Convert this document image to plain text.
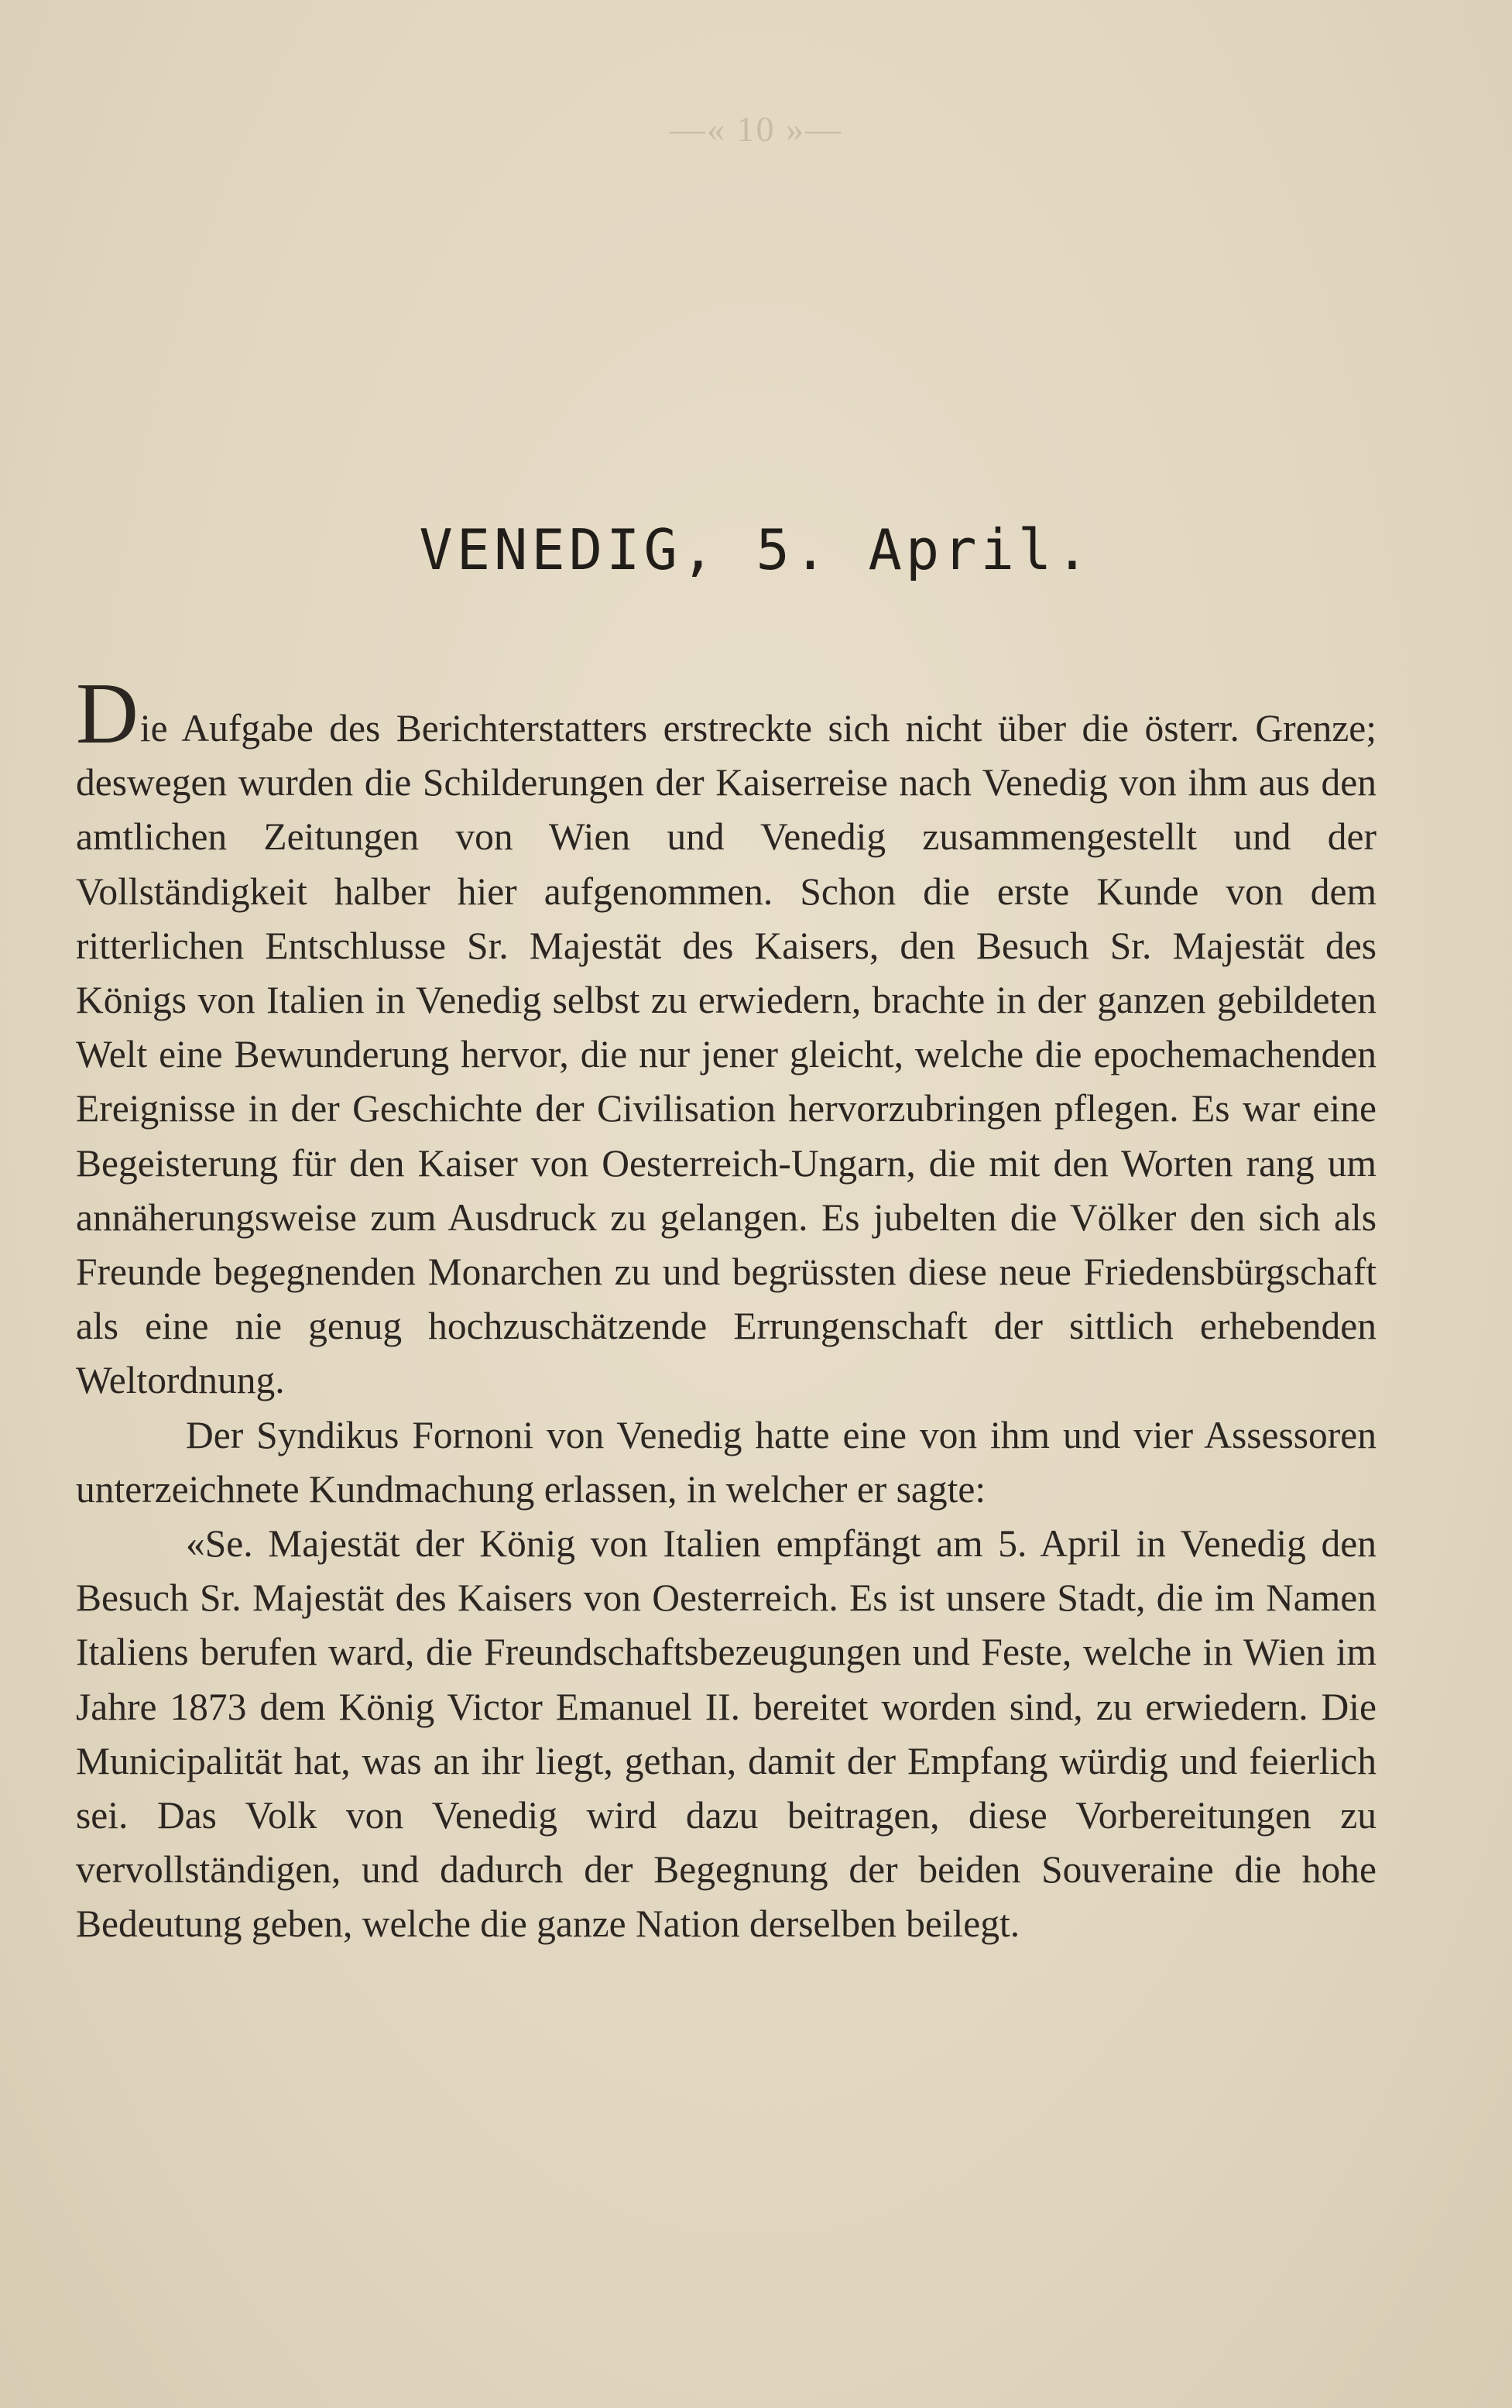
—« 10 »—
VENEDIG, 5. April.

Die Aufgabe des Berichterstatters erstreckte sich nicht über die österr. Grenze; deswegen wurden die Schilderungen der Kaiserreise nach Venedig von ihm aus den amtlichen Zeitungen von Wien und Venedig zusammengestellt und der Vollständigkeit halber hier aufgenommen. Schon die erste Kunde von dem ritterlichen Entschlusse Sr. Majestät des Kaisers, den Besuch Sr. Majestät des Königs von Italien in Venedig selbst zu erwiedern, brachte in der ganzen gebildeten Welt eine Bewunderung hervor, die nur jener gleicht, welche die epochemachenden Ereignisse in der Geschichte der Civilisation hervorzubringen pflegen. Es war eine Begeisterung für den Kaiser von Oesterreich-Ungarn, die mit den Worten rang um annäherungsweise zum Ausdruck zu gelangen. Es jubelten die Völker den sich als Freunde begegnenden Monarchen zu und begrüssten diese neue Friedensbürgschaft als eine nie genug hochzuschätzende Errungenschaft der sittlich erhebenden Weltordnung.

Der Syndikus Fornoni von Venedig hatte eine von ihm und vier Assessoren unterzeichnete Kundmachung erlassen, in welcher er sagte:

«Se. Majestät der König von Italien empfängt am 5. April in Venedig den Besuch Sr. Majestät des Kaisers von Oesterreich. Es ist unsere Stadt, die im Namen Italiens berufen ward, die Freundschaftsbezeugungen und Feste, welche in Wien im Jahre 1873 dem König Victor Emanuel II. bereitet worden sind, zu erwiedern. Die Municipalität hat, was an ihr liegt, gethan, damit der Empfang würdig und feierlich sei. Das Volk von Venedig wird dazu beitragen, diese Vorbereitungen zu vervollständigen, und dadurch der Begegnung der beiden Souveraine die hohe Bedeutung geben, welche die ganze Nation derselben beilegt.
